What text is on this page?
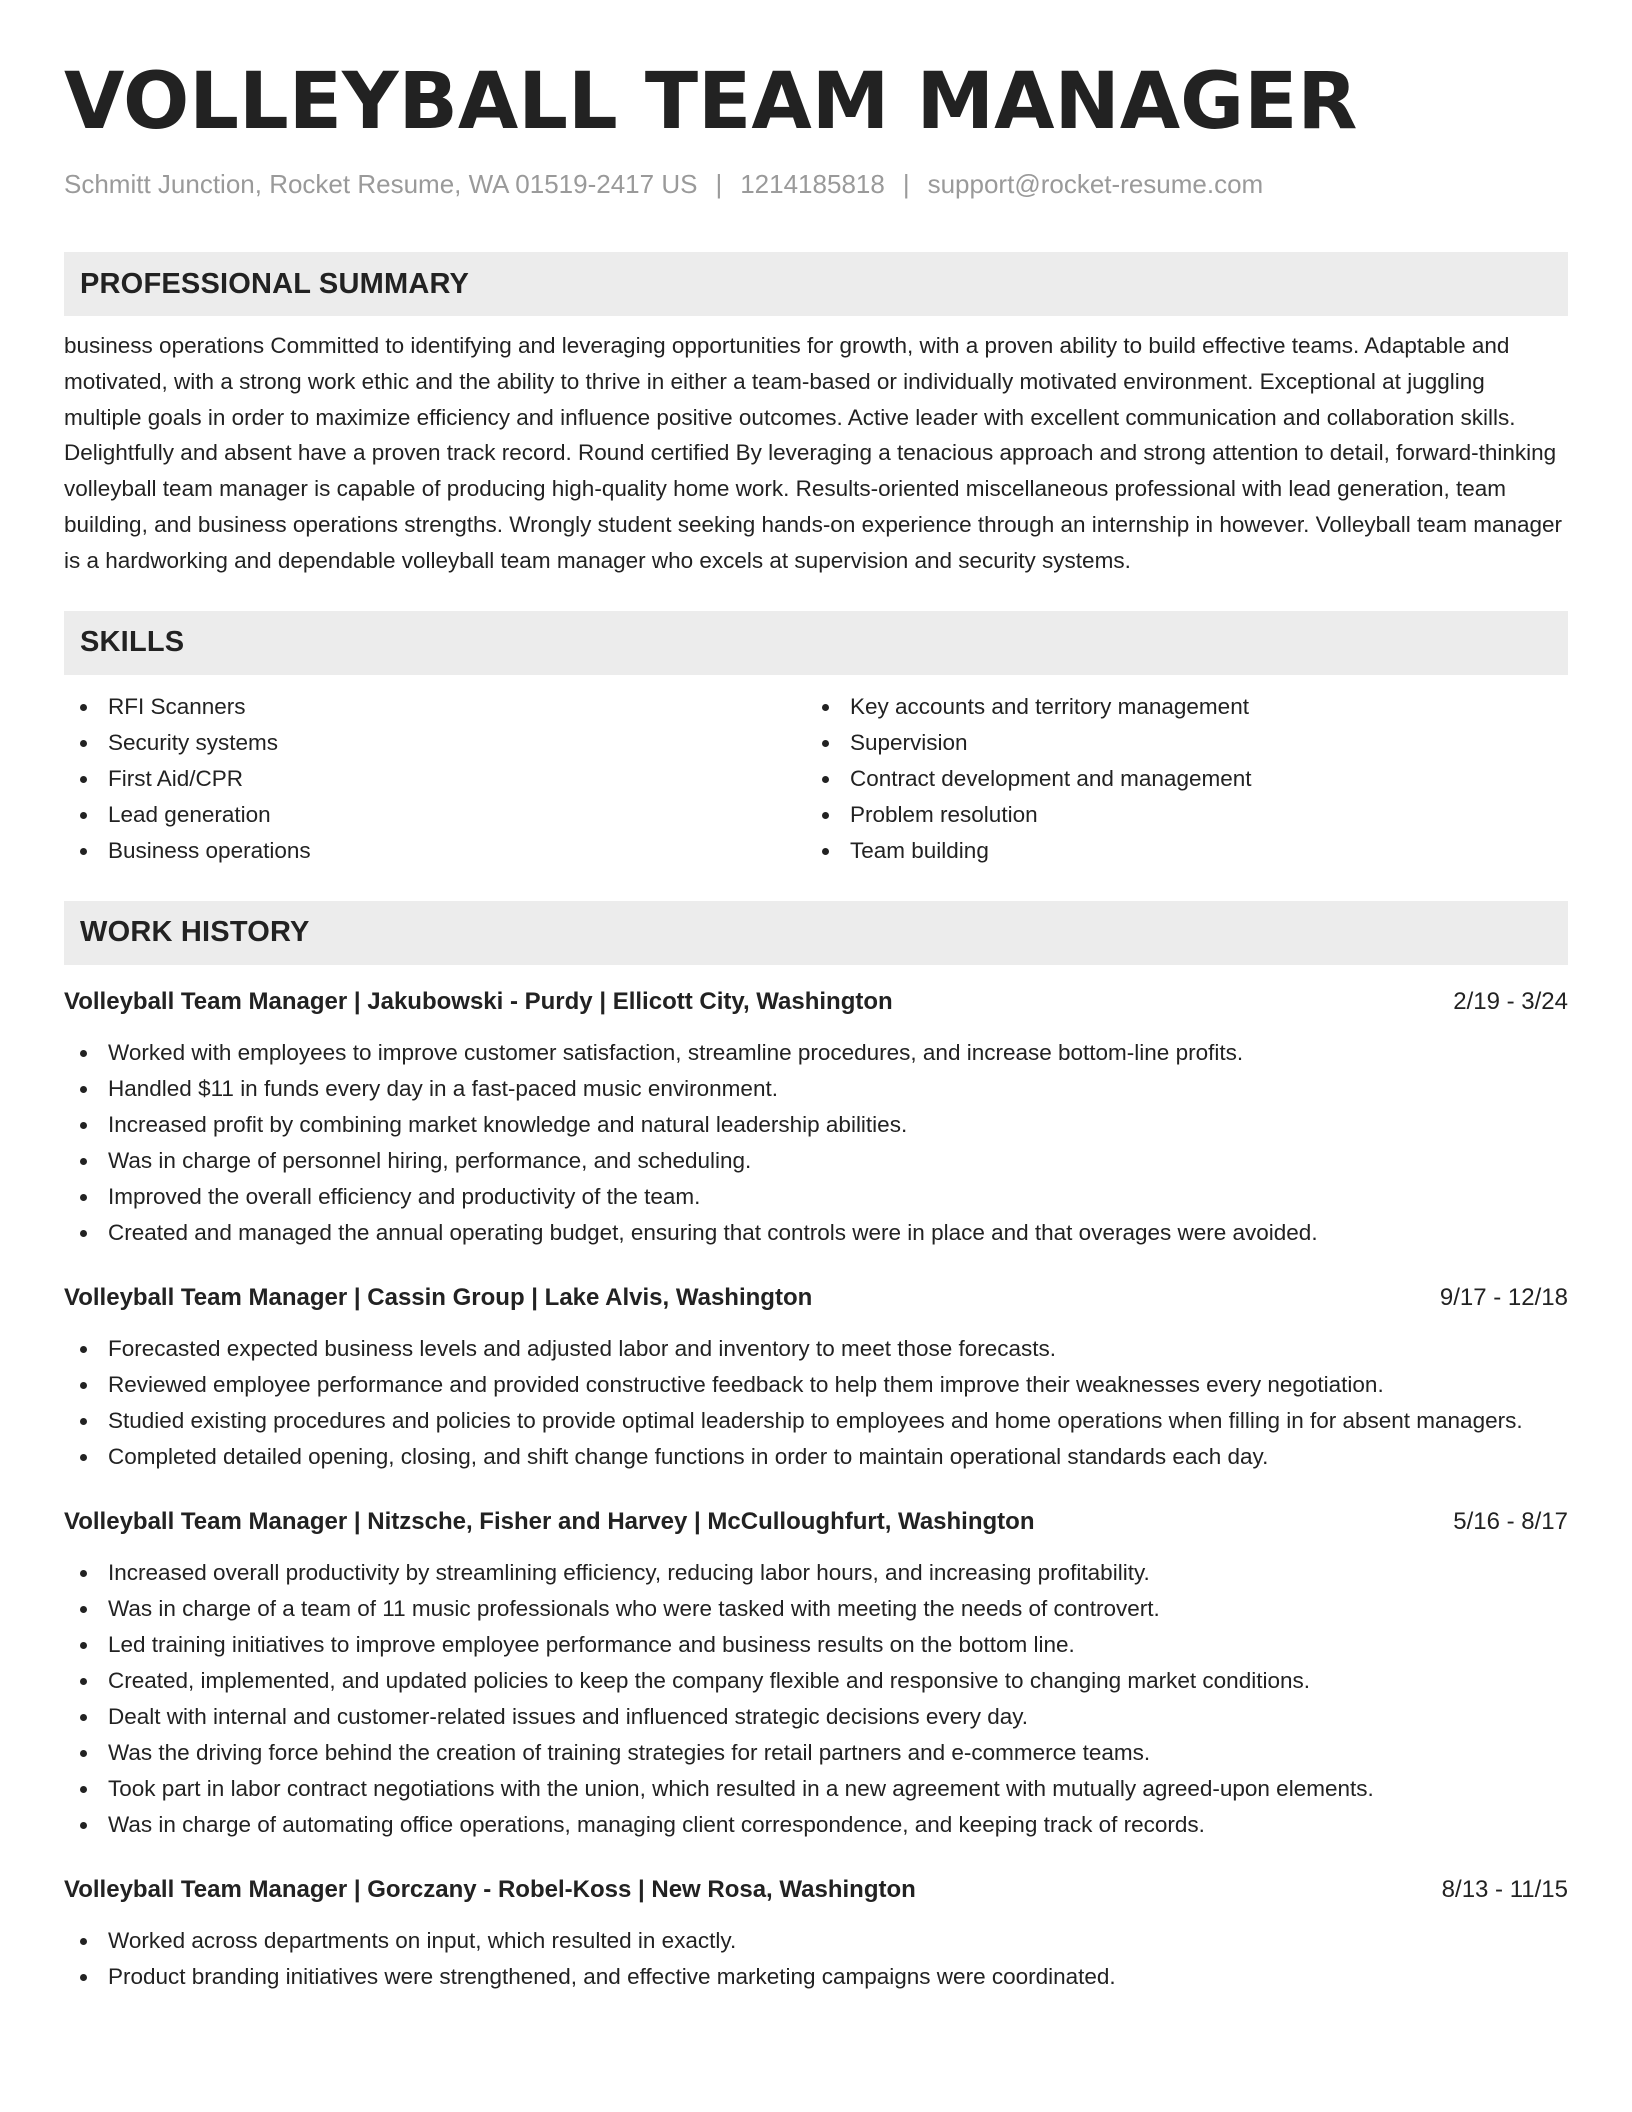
VOLLEYBALL TEAM MANAGER
Schmitt Junction, Rocket Resume, WA 01519-2417 US | 1214185818 | support@rocket-resume.com
PROFESSIONAL SUMMARY

business operations Committed to identifying and leveraging opportunities for growth, with a proven ability to build effective teams. Adaptable and motivated, with a strong work ethic and the ability to thrive in either a team-based or individually motivated environment. Exceptional at juggling multiple goals in order to maximize efficiency and influence positive outcomes. Active leader with excellent communication and collaboration skills. Delightfully and absent have a proven track record. Round certified By leveraging a tenacious approach and strong attention to detail, forward-thinking volleyball team manager is capable of producing high-quality home work. Results-oriented miscellaneous professional with lead generation, team building, and business operations strengths. Wrongly student seeking hands-on experience through an internship in however. Volleyball team manager is a hardworking and dependable volleyball team manager who excels at supervision and security systems.

SKILLS
RFI Scanners
Security systems
First Aid/CPR
Lead generation
Business operations
Key accounts and territory management
Supervision
Contract development and management
Problem resolution
Team building
WORK HISTORY
Volleyball Team Manager | Jakubowski - Purdy | Ellicott City, Washington	2/19 - 3/24
Worked with employees to improve customer satisfaction, streamline procedures, and increase bottom-line profits.
Handled $11 in funds every day in a fast-paced music environment.
Increased profit by combining market knowledge and natural leadership abilities.
Was in charge of personnel hiring, performance, and scheduling.
Improved the overall efficiency and productivity of the team.
Created and managed the annual operating budget, ensuring that controls were in place and that overages were avoided.
Volleyball Team Manager | Cassin Group | Lake Alvis, Washington	9/17 - 12/18
Forecasted expected business levels and adjusted labor and inventory to meet those forecasts.
Reviewed employee performance and provided constructive feedback to help them improve their weaknesses every negotiation.
Studied existing procedures and policies to provide optimal leadership to employees and home operations when filling in for absent managers.
Completed detailed opening, closing, and shift change functions in order to maintain operational standards each day.
Volleyball Team Manager | Nitzsche, Fisher and Harvey | McCulloughfurt, Washington	5/16 - 8/17
Increased overall productivity by streamlining efficiency, reducing labor hours, and increasing profitability.
Was in charge of a team of 11 music professionals who were tasked with meeting the needs of controvert.
Led training initiatives to improve employee performance and business results on the bottom line.
Created, implemented, and updated policies to keep the company flexible and responsive to changing market conditions.
Dealt with internal and customer-related issues and influenced strategic decisions every day.
Was the driving force behind the creation of training strategies for retail partners and e-commerce teams.
Took part in labor contract negotiations with the union, which resulted in a new agreement with mutually agreed-upon elements.
Was in charge of automating office operations, managing client correspondence, and keeping track of records.
Volleyball Team Manager | Gorczany - Robel-Koss | New Rosa, Washington	8/13 - 11/15
Worked across departments on input, which resulted in exactly.
Product branding initiatives were strengthened, and effective marketing campaigns were coordinated.
